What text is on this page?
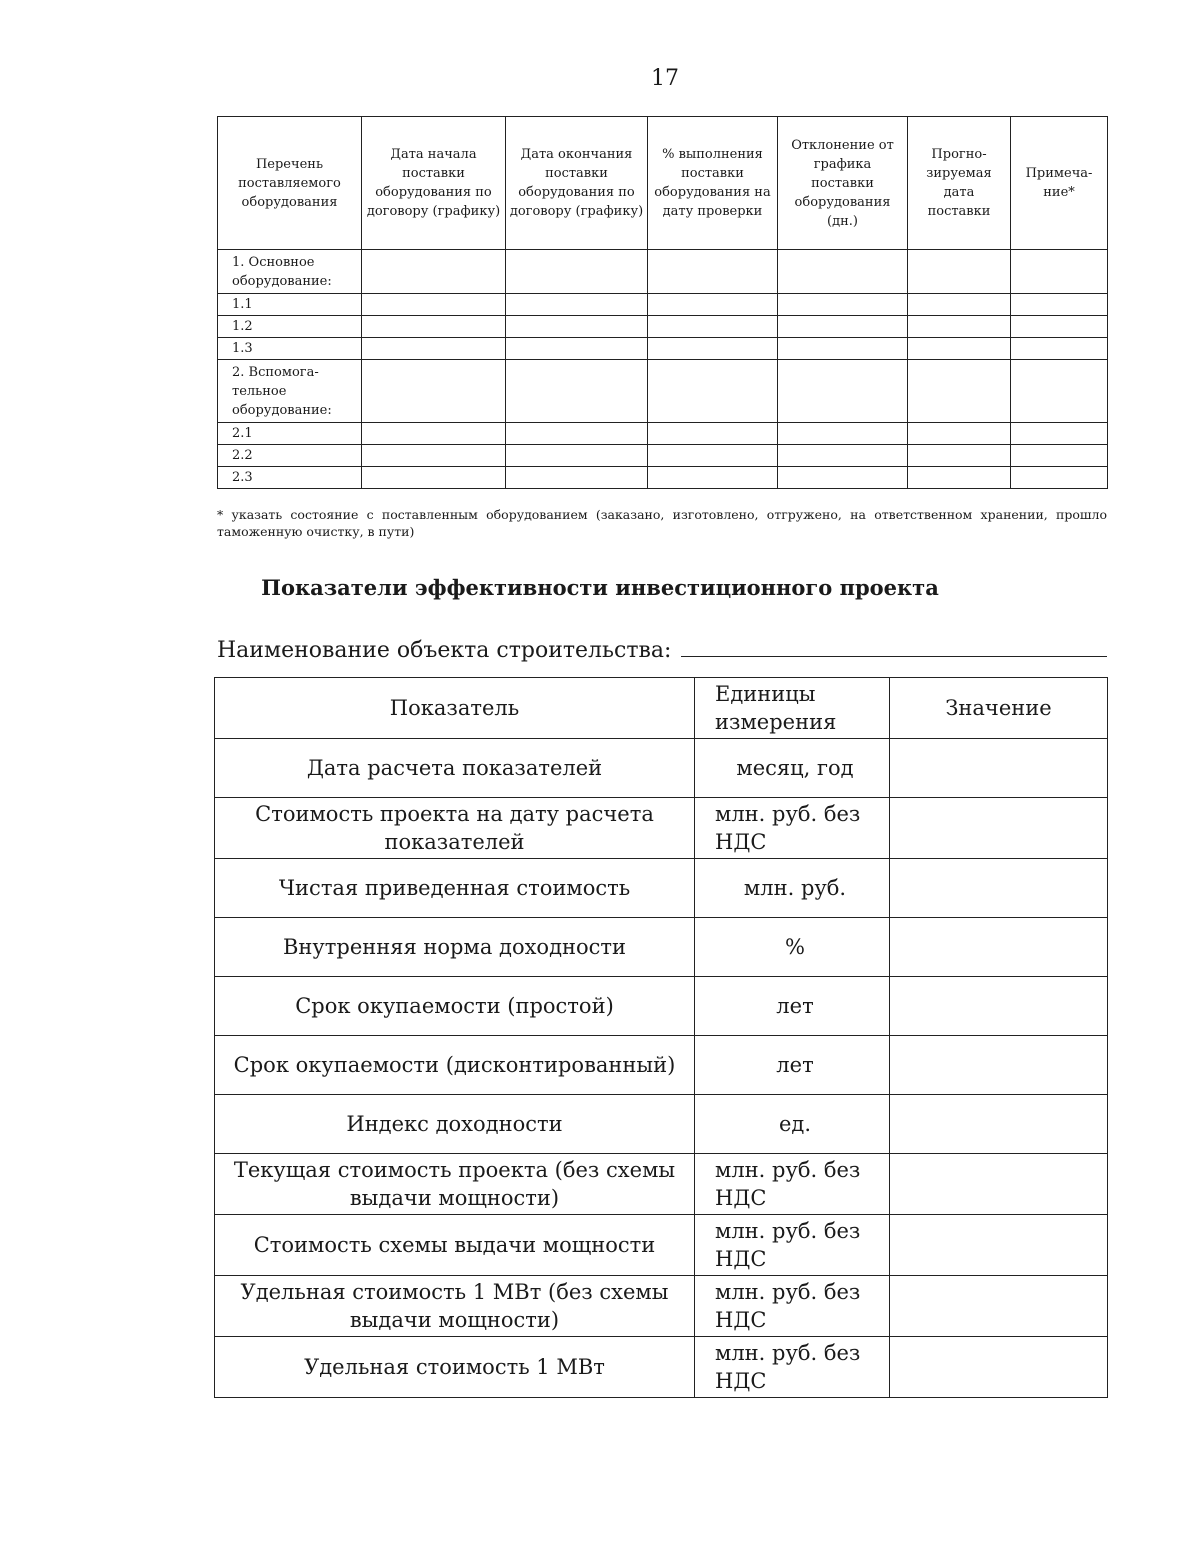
17
Перечень поставляемого оборудования	Дата начала поставки оборудования по договору (графику)	Дата окончания поставки оборудования по договору (графику)	% выполнения поставки оборудования на дату проверки	Отклонение от графика поставки оборудования (дн.)	Прогно-зируемая дата поставки	Примеча-ние*
1. Основное оборудование:						
1.1						
1.2						
1.3						
2. Вспомога-тельное оборудование:						
2.1						
2.2						
2.3						
* указать состояние с поставленным оборудованием (заказано, изготовлено, отгружено, на ответственном хранении, прошло таможенную очистку, в пути)
Показатели эффективности инвестиционного проекта
Наименование объекта строительства:
Показатель	Единицы измерения	Значение
Дата расчета показателей	месяц, год	
Стоимость проекта на дату расчета показателей	млн. руб. без НДС	
Чистая приведенная стоимость	млн. руб.	
Внутренняя норма доходности	%	
Срок окупаемости (простой)	лет	
Срок окупаемости (дисконтированный)	лет	
Индекс доходности	ед.	
Текущая стоимость проекта (без схемы выдачи мощности)	млн. руб. без НДС	
Стоимость схемы выдачи мощности	млн. руб. без НДС	
Удельная стоимость 1 МВт (без схемы выдачи мощности)	млн. руб. без НДС	
Удельная стоимость 1 МВт	млн. руб. без НДС	
